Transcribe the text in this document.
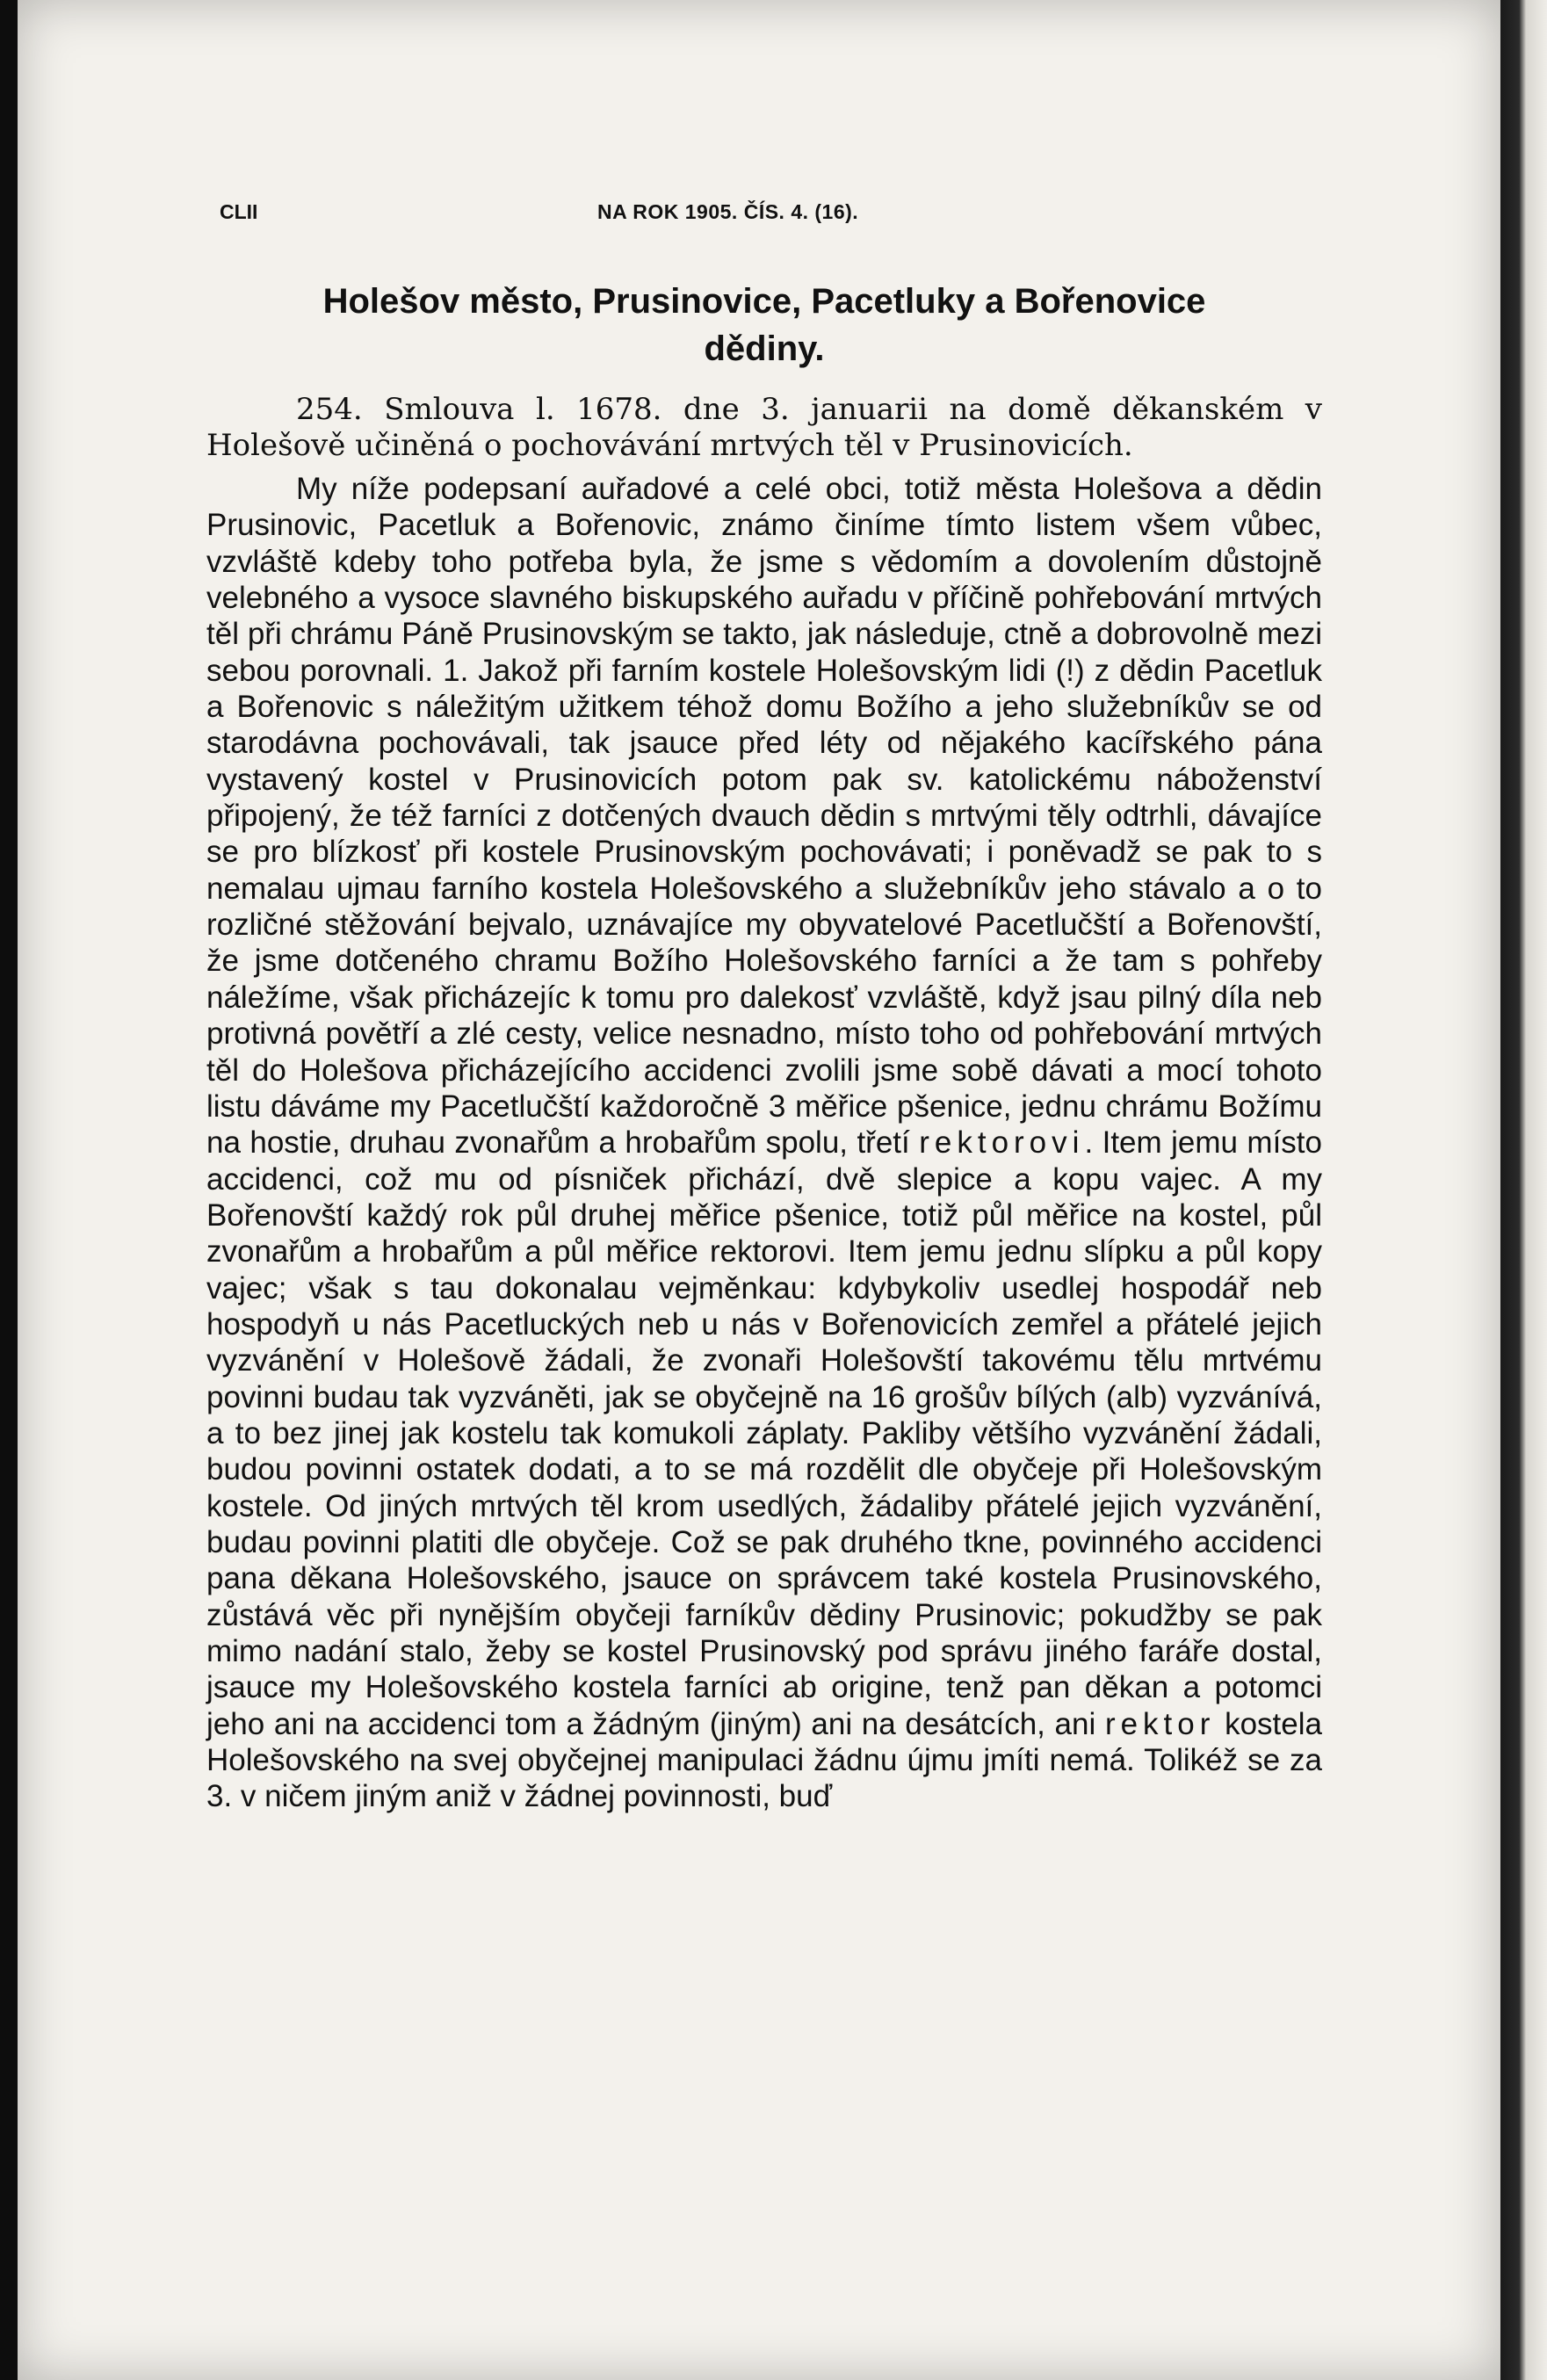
CLII	NA ROK 1905. ČÍS. 4. (16).
Holešov město, Prusinovice, Pacetluky a Bořenovice dědiny.

254. Smlouva l. 1678. dne 3. januarii na domě děkanském v Holešově učiněná o pochovávání mrtvých těl v Prusinovicích.

My níže podepsaní auřadové a celé obci, totiž města Holešova a dědin Prusinovic, Pacetluk a Bořenovic, známo činíme tímto listem všem vůbec, vzvláště kdeby toho potřeba byla, že jsme s vědomím a dovolením důstojně velebného a vysoce slavného biskupského auřadu v příčině pohřebování mrtvých těl při chrámu Páně Prusinovským se takto, jak následuje, ctně a dobrovolně mezi sebou porovnali. 1. Jakož při farním kostele Holešovským lidi (!) z dědin Pacetluk a Bořenovic s náležitým užitkem téhož domu Božího a jeho služebníkův se od starodávna pochovávali, tak jsauce před léty od nějakého kacířského pána vystavený kostel v Prusinovicích potom pak sv. katolickému náboženství připojený, že též farníci z dotčených dvauch dědin s mrtvými těly odtrhli, dávajíce se pro blízkosť při kostele Prusinovským pochovávati; i poněvadž se pak to s nemalau ujmau farního kostela Holešovského a služebníkův jeho stávalo a o to rozličné stěžování bejvalo, uznávajíce my obyvatelové Pacetlučští a Bořenovští, že jsme dotčeného chramu Božího Holešovského farníci a že tam s pohřeby náležíme, však přicházejíc k tomu pro dalekosť vzvláště, když jsau pilný díla neb protivná povětří a zlé cesty, velice nesnadno, místo toho od pohřebování mrtvých těl do Holešova přicházejícího accidenci zvolili jsme sobě dávati a mocí tohoto listu dáváme my Pacetlučští každoročně 3 měřice pšenice, jednu chrámu Božímu na hostie, druhau zvonařům a hrobařům spolu, třetí rektorovi. Item jemu místo accidenci, což mu od písniček přichází, dvě slepice a kopu vajec. A my Bořenovští každý rok půl druhej měřice pšenice, totiž půl měřice na kostel, půl zvonařům a hrobařům a půl měřice rektorovi. Item jemu jednu slípku a půl kopy vajec; však s tau dokonalau vejměnkau: kdybykoliv usedlej hospodář neb hospodyň u nás Pacetluckých neb u nás v Bořenovicích zemřel a přátelé jejich vyzvánění v Holešově žádali, že zvonaři Holešovští takovému tělu mrtvému povinni budau tak vyzváněti, jak se obyčejně na 16 grošův bílých (alb) vyzvánívá, a to bez jinej jak kostelu tak komukoli záplaty. Pakliby většího vyzvánění žádali, budou povinni ostatek dodati, a to se má rozdělit dle obyčeje při Holešovským kostele. Od jiných mrtvých těl krom usedlých, žádaliby přátelé jejich vyzvánění, budau povinni platiti dle obyčeje. Což se pak druhého tkne, povinného accidenci pana děkana Holešovského, jsauce on správcem také kostela Prusinovského, zůstává věc při nynějším obyčeji farníkův dědiny Prusinovic; pokudžby se pak mimo nadání stalo, žeby se kostel Prusinovský pod správu jiného faráře dostal, jsauce my Holešovského kostela farníci ab origine, tenž pan děkan a potomci jeho ani na accidenci tom a žádným (jiným) ani na desátcích, ani rektor kostela Holešovského na svej obyčejnej manipulaci žádnu újmu jmíti nemá. Tolikéž se za 3. v ničem jiným aniž v žádnej povinnosti, buď
